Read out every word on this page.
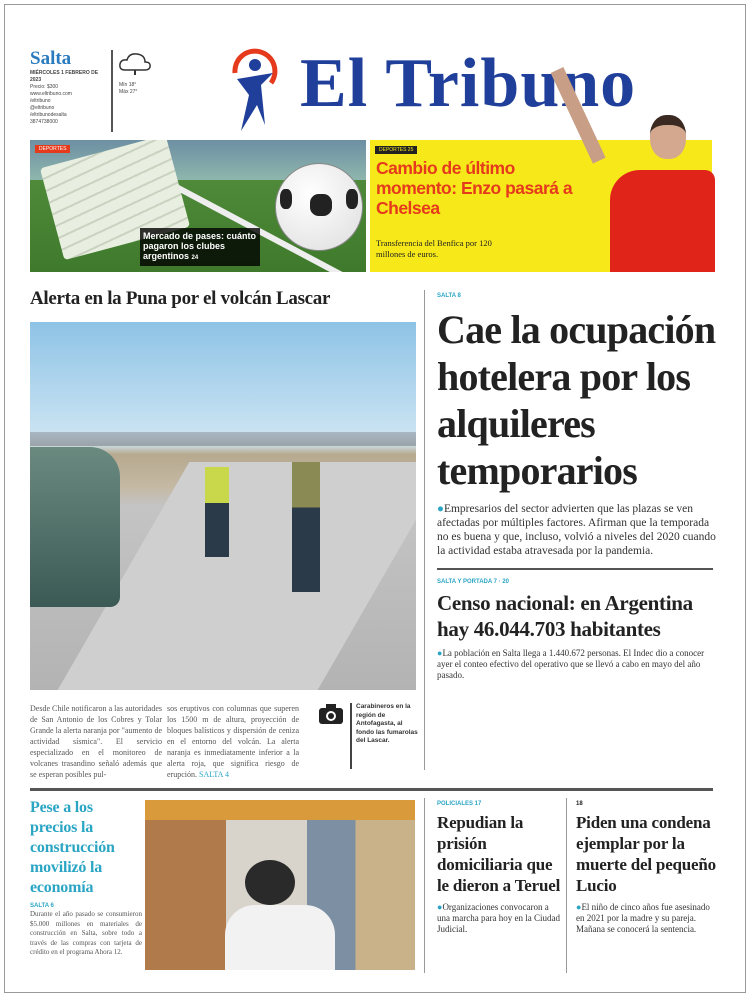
Salta
MIÉRCOLES 1 FEBRERO DE 2023
Precio: $300
www.eltribuno.com
/eltribuno
@eltribuno
/eltribunodesalta
3874738000
Mín 18°
Máx 27° El Tribuno
DEPORTES
Mercado de pases: cuánto pagaron los clubes argentinos 24
DEPORTES 25
Cambio de último momento: Enzo pasará a Chelsea
Transferencia del Benfica por 120 millones de euros.
Alerta en la Puna por el volcán Lascar
Desde Chile notificaron a las autoridades de San Antonio de los Cobres y Tolar Grande la alerta naranja por "aumento de actividad sísmica". El servicio especializado en el monitoreo de volcanes trasandino señaló además que se esperan posibles pul-
sos eruptivos con columnas que superen los 1500 m de altura, proyección de bloques balísticos y dispersión de ceniza en el entorno del volcán. La alerta naranja es inmediatamente inferior a la alerta roja, que significa riesgo de erupción. SALTA 4
Carabineros en la región de Antofagasta, al fondo las fumarolas del Lascar.
SALTA 8
Cae la ocupación hotelera por los alquileres temporarios
●Empresarios del sector advierten que las plazas se ven afectadas por múltiples factores. Afirman que la temporada no es buena y que, incluso, volvió a niveles del 2020 cuando la actividad estaba atravesada por la pandemia.
SALTA Y PORTADA 7 · 20
Censo nacional: en Argentina hay 46.044.703 habitantes
●La población en Salta llega a 1.440.672 personas. El Indec dio a conocer ayer el conteo efectivo del operativo que se llevó a cabo en mayo del año pasado.
Pese a los precios la construcción movilizó la economía
SALTA 6
Durante el año pasado se consumieron $5.000 millones en materiales de construcción en Salta, sobre todo a través de las compras con tarjeta de crédito en el programa Ahora 12.
POLICIALES 17
Repudian la prisión domiciliaria que le dieron a Teruel
●Organizaciones convocaron a una marcha para hoy en la Ciudad Judicial.
18
Piden una condena ejemplar por la muerte del pequeño Lucio
●El niño de cinco años fue asesinado en 2021 por la madre y su pareja. Mañana se conocerá la sentencia.
